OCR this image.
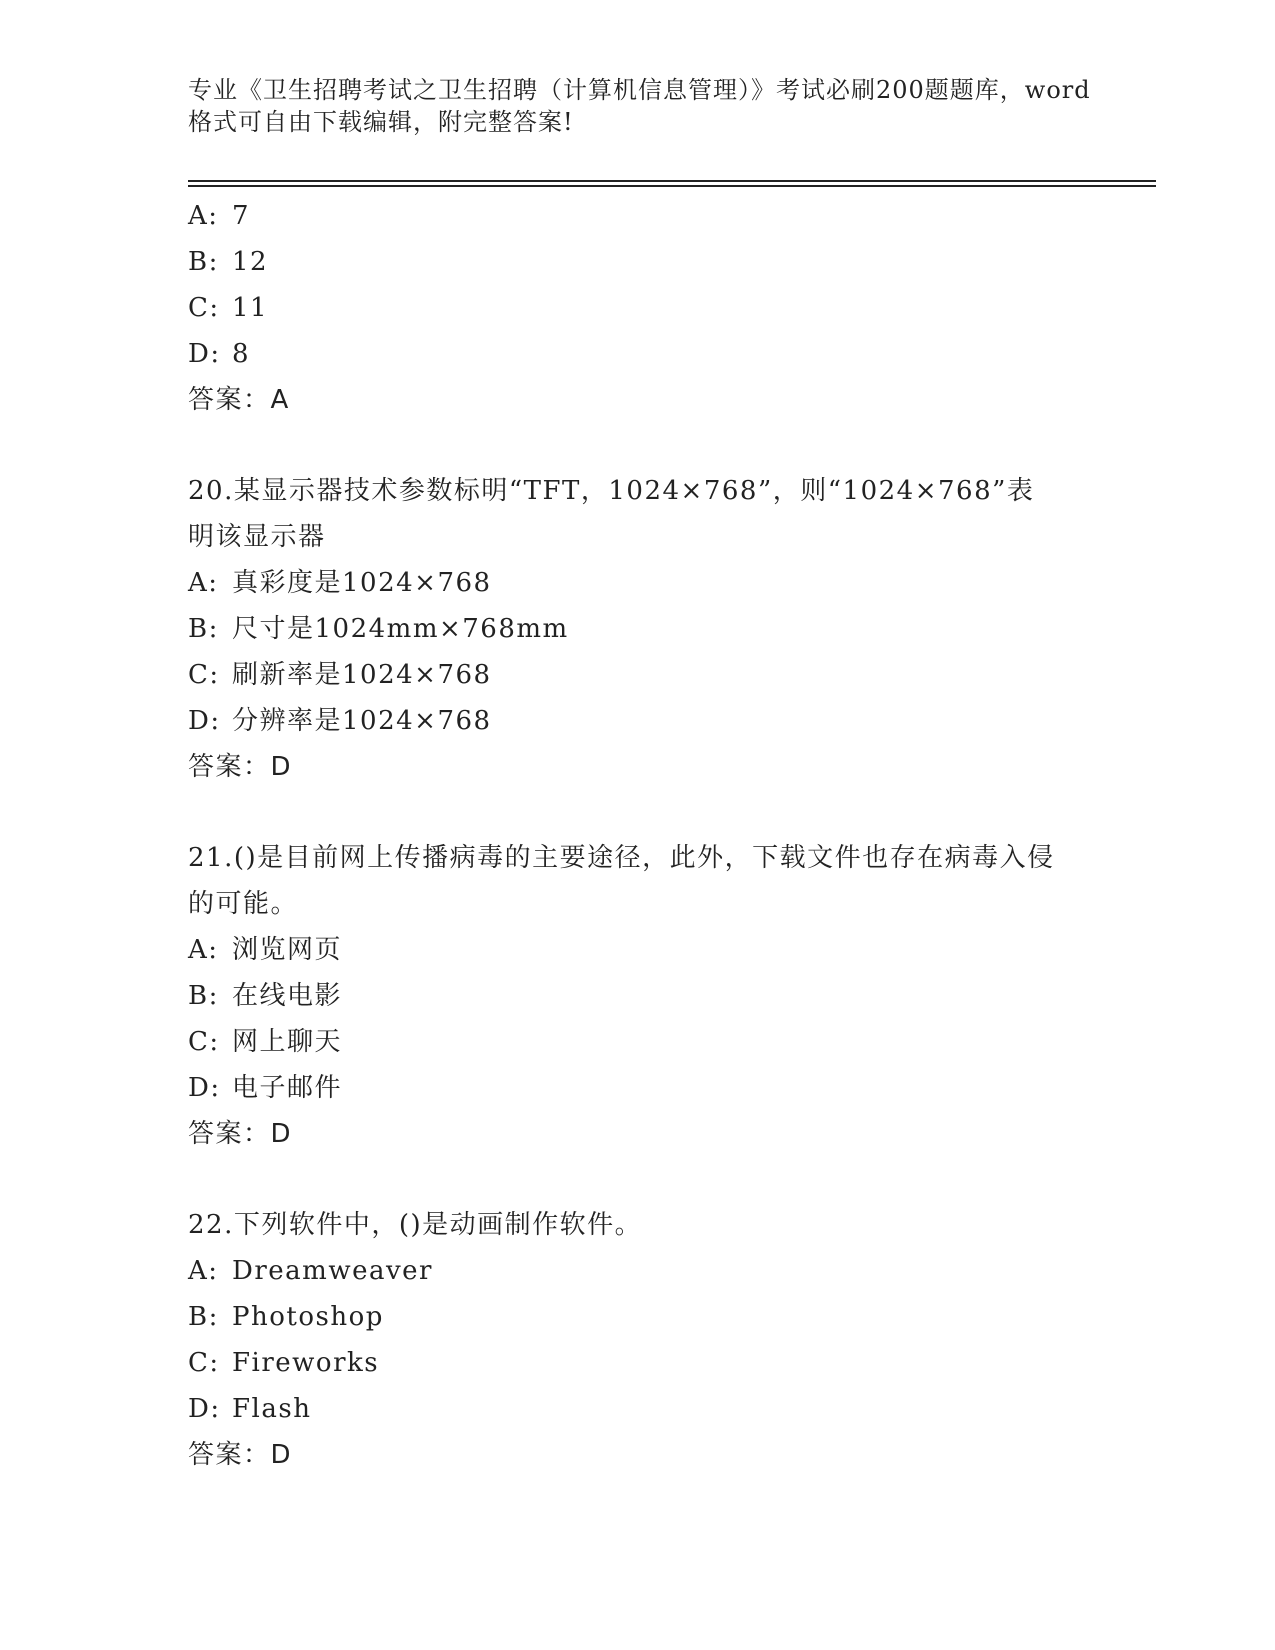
专业《卫生招聘考试之卫生招聘（计算机信息管理）》考试必刷200题题库，word格式可自由下载编辑，附完整答案!
A: 7
B: 12
C: 11
D: 8
答案：A
20.某显示器技术参数标明“TFT，1024×768”，则“1024×768”表明该显示器
A: 真彩度是1024×768
B: 尺寸是1024mm×768mm
C: 刷新率是1024×768
D: 分辨率是1024×768
答案：D
21.()是目前网上传播病毒的主要途径，此外，下载文件也存在病毒入侵的可能。
A: 浏览网页
B: 在线电影
C: 网上聊天
D: 电子邮件
答案：D
22.下列软件中，()是动画制作软件。
A: Dreamweaver
B: Photoshop
C: Fireworks
D: Flash
答案：D
